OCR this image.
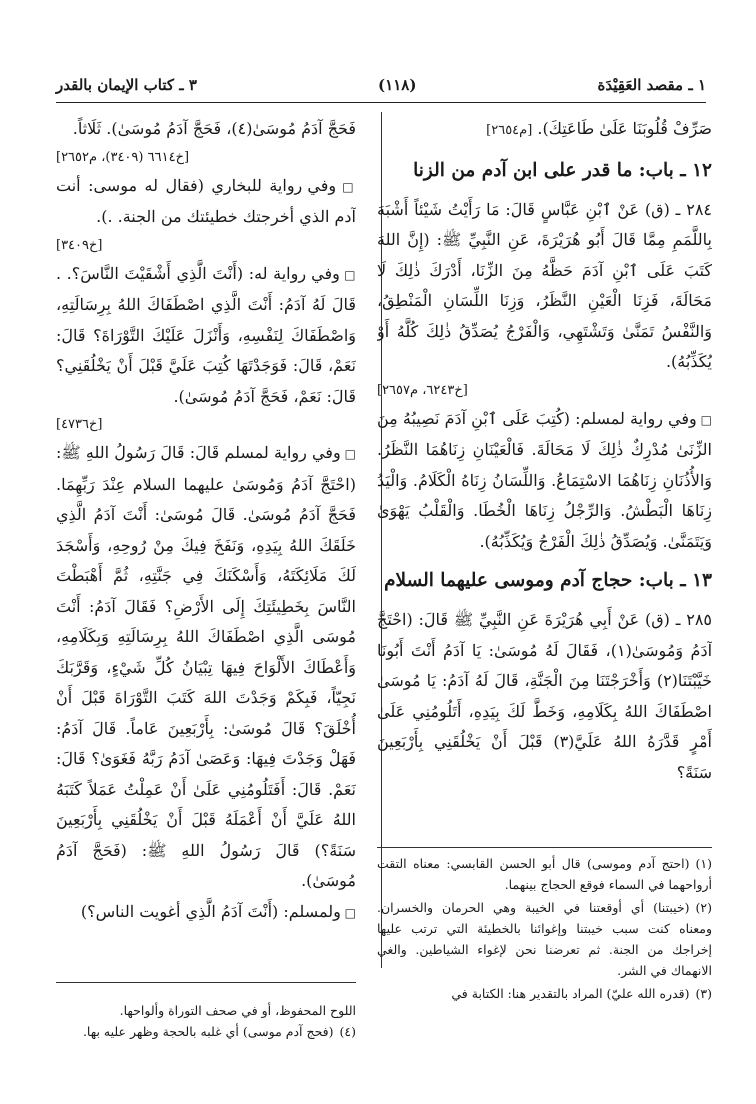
١ ـ مقصد العَقِيْدَة
(١١٨)
٣ ـ كتاب الإيمان بالقدر

صَرِّفْ قُلُوبَنَا عَلَىٰ طَاعَتِكَ). [م٢٦٥٤]

١٢ ـ باب: ما قدر على ابن آدم من الزنا

٢٨٤ ـ (ق) عَنْ ٱبْنِ عَبَّاسٍ قَالَ: مَا رَأَيْتُ شَيْئاً أَشْبَهَ بِاللَّمَمِ مِمَّا قَالَ أَبُو هُرَيْرَةَ، عَنِ النَّبِيِّ ﷺ: (إِنَّ اللهَ كَتَبَ عَلَى ٱبْنِ آدَمَ حَظَّهُ مِنَ الزِّنَا، أَدْرَكَ ذٰلِكَ لَا مَحَالَةَ، فَزِنَا الْعَيْنِ النَّظَرُ، وَزِنَا اللِّسَانِ الْمَنْطِقُ، وَالنَّفْسُ تَمَنَّىٰ وَتَشْتَهِي، وَالْفَرْجُ يُصَدِّقُ ذٰلِكَ كُلَّهُ أَوْ يُكَذِّبُهُ).

[خ٦٢٤٣، م٢٦٥٧]

□ وفي رواية لمسلم: (كُتِبَ عَلَى ٱبْنِ آدَمَ نَصِيبُهُ مِنَ الزِّنَىٰ مُدْرِكٌ ذٰلِكَ لَا مَحَالَةَ. فَالْعَيْنَانِ زِنَاهُمَا النَّظَرُ. وَالأُذُنَانِ زِنَاهُمَا الاسْتِمَاعُ. وَاللِّسَانُ زِنَاهُ الْكَلَامُ. وَالْيَدُ زِنَاهَا الْبَطْشُ. وَالرِّجْلُ زِنَاهَا الْخُطَا. وَالْقَلْبُ يَهْوَىٰ وَيَتَمَنَّىٰ. وَيُصَدِّقُ ذٰلِكَ الْفَرْجُ وَيُكَذِّبُهُ).

١٣ ـ باب: حجاج آدم وموسى عليهما السلام

٢٨٥ ـ (ق) عَنْ أَبِي هُرَيْرَةَ عَنِ النَّبِيِّ ﷺ قَالَ: (احْتَجَّ آدَمُ وَمُوسَىٰ(١)، فَقَالَ لَهُ مُوسَىٰ: يَا آدَمُ أَنْتَ أَبُونَا خَيَّبْتَنَا(٢) وَأَخْرَجْتَنَا مِنَ الْجَنَّةِ، قَالَ لَهُ آدَمُ: يَا مُوسَىٰ اصْطَفَاكَ اللهُ بِكَلَامِهِ، وَخَطَّ لَكَ بِيَدِهِ، أَتَلُومُنِي عَلَىٰ أَمْرٍ قَدَّرَهُ اللهُ عَلَيَّ(٣) قَبْلَ أَنْ يَخْلُقَنِي بِأَرْبَعِينَ سَنَةً؟

(١)(احتج آدم وموسى) قال أبو الحسن القابسي: معناه التقت أرواحهما في السماء فوقع الحجاج بينهما.

(٢)(خيبتنا) أي أوقعتنا في الخيبة وهي الحرمان والخسران. ومعناه كنت سبب خيبتنا وإغوائنا بالخطيئة التي ترتب عليها إخراجك من الجنة. ثم تعرضنا نحن لإغواء الشياطين. والغي الانهماك في الشر.

(٣)(قدره الله عليّ) المراد بالتقدير هنا: الكتابة في

فَحَجَّ آدَمُ مُوسَىٰ(٤)، فَحَجَّ آدَمُ مُوسَىٰ). ثَلَاثاً.

[خ٦٦١٤ (٣٤٠٩)، م٢٦٥٢]

□ وفي رواية للبخاري (فقال له موسى: أنت آدم الذي أخرجتك خطيئتك من الجنة. .).

[خ٣٤٠٩]

□ وفي رواية له: (أَنْتَ الَّذِي أَشْقَيْتَ النَّاسَ؟. . قَالَ لَهُ آدَمُ: أَنْتَ الَّذِي اصْطَفَاكَ اللهُ بِرِسَالَتِهِ، وَاصْطَفَاكَ لِنَفْسِهِ، وَأَنْزَلَ عَلَيْكَ التَّوْرَاةَ؟ قَالَ: نَعَمْ، قَالَ: فَوَجَدْتَهَا كُتِبَ عَلَيَّ قَبْلَ أَنْ يَخْلُقَنِي؟ قَالَ: نَعَمْ، فَحَجَّ آدَمُ مُوسَىٰ).

[خ٤٧٣٦]

□ وفي رواية لمسلم قَالَ: قَالَ رَسُولُ اللهِ ﷺ: (احْتَجَّ آدَمُ وَمُوسَىٰ عليهما السلام عِنْدَ رَبِّهِمَا. فَحَجَّ آدَمُ مُوسَىٰ. قَالَ مُوسَىٰ: أَنْتَ آدَمُ الَّذِي خَلَقَكَ اللهُ بِيَدِهِ، وَنَفَخَ فِيكَ مِنْ رُوحِهِ، وَأَسْجَدَ لَكَ مَلَائِكَتَهُ، وَأَسْكَنَكَ فِي جَنَّتِهِ، ثُمَّ أَهْبَطْتَ النَّاسَ بِخَطِيئَتِكَ إِلَى الأَرْضِ؟ فَقَالَ آدَمُ: أَنْتَ مُوسَى الَّذِي اصْطَفَاكَ اللهُ بِرِسَالَتِهِ وَبِكَلَامِهِ، وَأَعْطَاكَ الأَلْوَاحَ فِيهَا تِبْيَانُ كُلِّ شَيْءٍ، وَقَرَّبَكَ نَجِيّاً، فَبِكَمْ وَجَدْتَ اللهَ كَتَبَ التَّوْرَاةَ قَبْلَ أَنْ أُخْلَقَ؟ قَالَ مُوسَىٰ: بِأَرْبَعِينَ عَاماً. قَالَ آدَمُ: فَهَلْ وَجَدْتَ فِيهَا: وَعَصَىٰ آدَمُ رَبَّهُ فَغَوَىٰ؟ قَالَ: نَعَمْ. قَالَ: أَفَتَلُومُنِي عَلَىٰ أَنْ عَمِلْتُ عَمَلاً كَتَبَهُ اللهُ عَلَيَّ أَنْ أَعْمَلَهُ قَبْلَ أَنْ يَخْلُقَنِي بِأَرْبَعِينَ سَنَةً؟) قَالَ رَسُولُ اللهِ ﷺ: (فَحَجَّ آدَمُ مُوسَىٰ).

□ ولمسلم: (أَنْتَ آدَمُ الَّذِي أغويت الناس؟)

اللوح المحفوظ، أو في صحف التوراة وألواحها.

(٤)(فحج آدم موسى) أي غلبه بالحجة وظهر عليه بها.
